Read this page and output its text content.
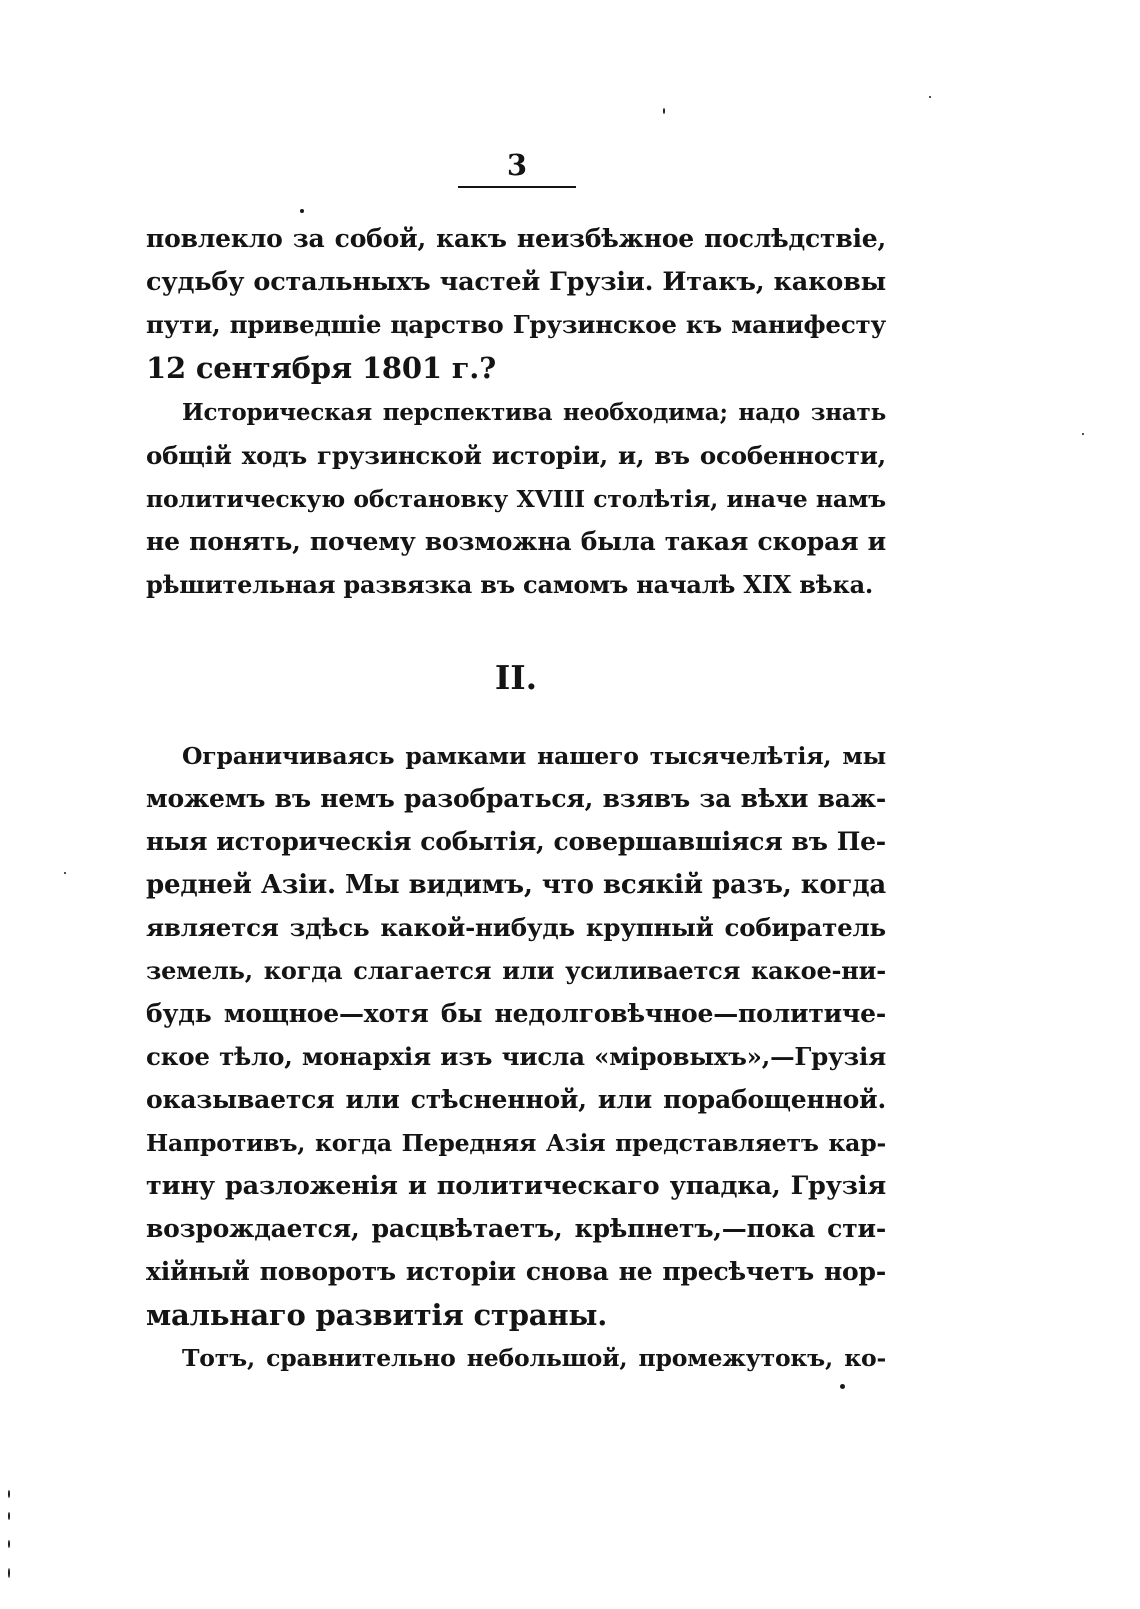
3
повлекло за собой, какъ неизбѣжное послѣдствіе,
судьбу остальныхъ частей Грузіи. Итакъ, каковы
пути, приведшіе царство Грузинское къ манифесту
12 сентября 1801 г.?
Историческая перспектива необходима; надо знать
общій ходъ грузинской исторіи, и, въ особенности,
политическую обстановку XVIII столѣтія, иначе намъ
не понять, почему возможна была такая скорая и
рѣшительная развязка въ самомъ началѣ XIX вѣка.
II.
Ограничиваясь рамками нашего тысячелѣтія, мы
можемъ въ немъ разобраться, взявъ за вѣхи важ-
ныя историческія событія, совершавшіяся въ Пе-
редней Азіи. Мы видимъ, что всякій разъ, когда
является здѣсь какой-нибудь крупный собиратель
земель, когда слагается или усиливается какое-ни-
будь мощное—хотя бы недолговѣчное—политиче-
ское тѣло, монархія изъ числа «міровыхъ»,—Грузія
оказывается или стѣсненной, или порабощенной.
Напротивъ, когда Передняя Азія представляетъ кар-
тину разложенія и политическаго упадка, Грузія
возрождается, расцвѣтаетъ, крѣпнетъ,—пока сти-
хійный поворотъ исторіи снова не пресѣчетъ нор-
мальнаго развитія страны.
Тотъ, сравнительно небольшой, промежутокъ, ко-
